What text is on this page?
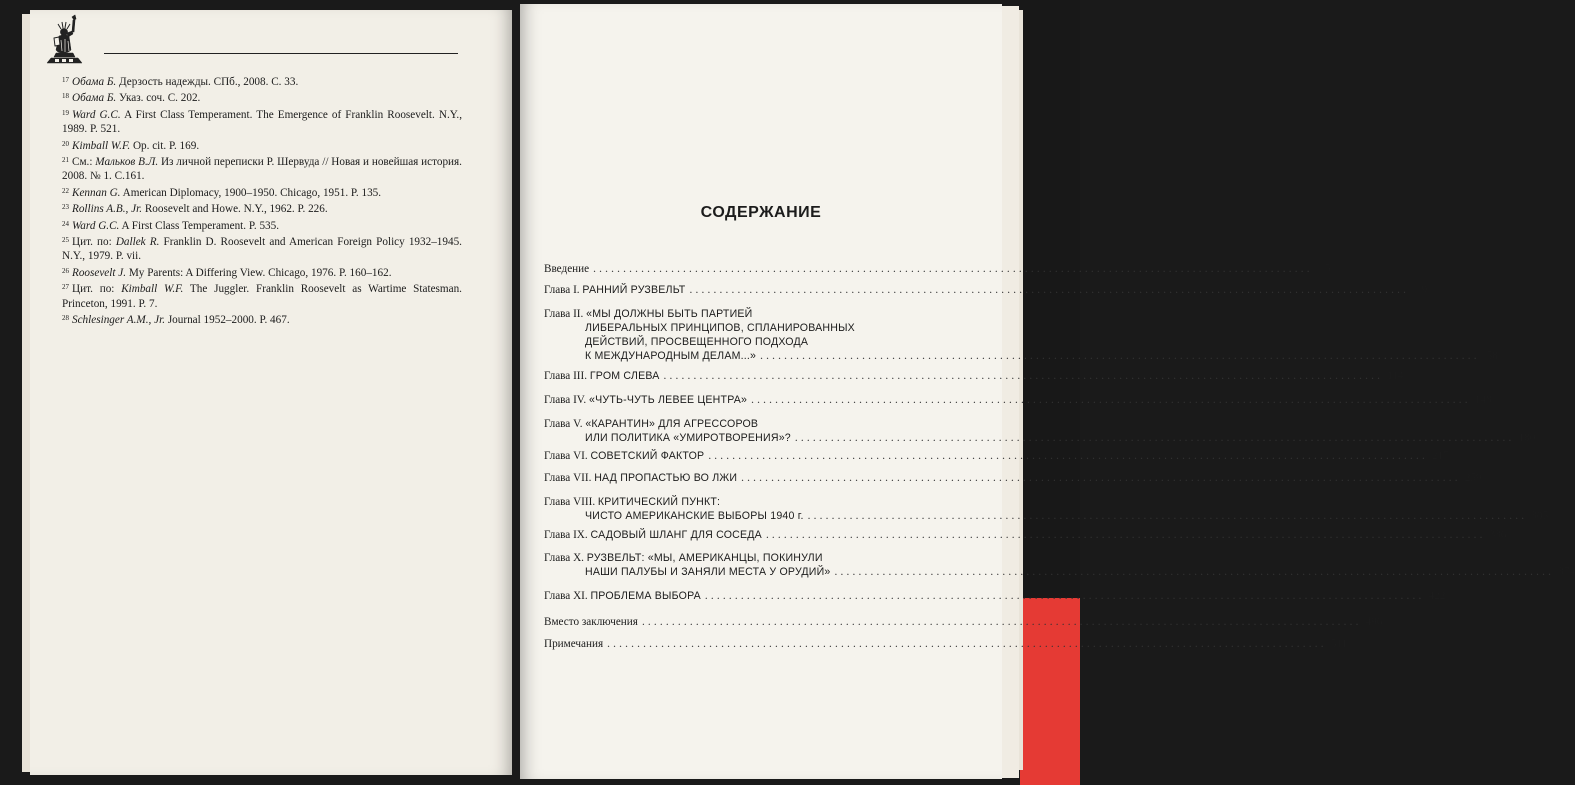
$^{17}$ Обама Б. Дерзость надежды. СПб., 2008. С. 33.
$^{18}$ Обама Б. Указ. соч. С. 202.
$^{19}$ Ward G.C. A First Class Temperament. The Emergence of Franklin Roosevelt. N.Y., 1989. P. 521.
$^{20}$ Kimball W.F. Op. cit. P. 169.
$^{21}$ См.: Мальков В.Л. Из личной переписки Р. Шервуда // Новая и новейшая история. 2008. № 1. С.161.
$^{22}$ Kennan G. American Diplomacy, 1900–1950. Chicago, 1951. P. 135.
$^{23}$ Rollins A.B., Jr. Roosevelt and Howe. N.Y., 1962. P. 226.
$^{24}$ Ward G.C. A First Class Temperament. P. 535.
$^{25}$ Цит. по: Dallek R. Franklin D. Roosevelt and American Foreign Policy 1932–1945. N.Y., 1979. P. vii.
$^{26}$ Roosevelt J. My Parents: A Differing View. Chicago, 1976. P. 160–162.
$^{27}$ Цит. по: Kimball W.F. The Juggler. Franklin Roosevelt as Wartime Statesman. Princeton, 1991. P. 7.
$^{28}$ Schlesinger A.M., Jr. Journal 1952–2000. P. 467.
СОДЕРЖАНИЕ
Введение ........................................................................................................................	5
Глава I. РАННИЙ РУЗВЕЛЬТ ........................................................................................................................	9
Глава II. «МЫ ДОЛЖНЫ БЫТЬ ПАРТИЕЙ
ЛИБЕРАЛЬНЫХ ПРИНЦИПОВ, СПЛАНИРОВАННЫХ
ДЕЙСТВИЙ, ПРОСВЕЩЕННОГО ПОДХОДА
К МЕЖДУНАРОДНЫМ ДЕЛАМ...» ........................................................................................................................ 58
Глава III. ГРОМ СЛЕВА ........................................................................................................................ 114
Глава IV. «ЧУТЬ-ЧУТЬ ЛЕВЕЕ ЦЕНТРА» ........................................................................................................................ 148
Глава V. «КАРАНТИН» ДЛЯ АГРЕССОРОВ
ИЛИ ПОЛИТИКА «УМИРОТВОРЕНИЯ»? ........................................................................................................................ 180
Глава VI. СОВЕТСКИЙ ФАКТОР ........................................................................................................................ 217
Глава VII. НАД ПРОПАСТЬЮ ВО ЛЖИ ........................................................................................................................ 259
Глава VIII. КРИТИЧЕСКИЙ ПУНКТ:
ЧИСТО АМЕРИКАНСКИЕ ВЫБОРЫ 1940 г. ........................................................................................................................ 305
Глава IX. САДОВЫЙ ШЛАНГ ДЛЯ СОСЕДА ........................................................................................................................ 336
Глава X. РУЗВЕЛЬТ: «МЫ, АМЕРИКАНЦЫ, ПОКИНУЛИ
НАШИ ПАЛУБЫ И ЗАНЯЛИ МЕСТА У ОРУДИЙ» ........................................................................................................................ 374
Глава XI. ПРОБЛЕМА ВЫБОРА ........................................................................................................................ 422
Вместо заключения ........................................................................................................................ 496
Примечания ........................................................................................................................ 511
